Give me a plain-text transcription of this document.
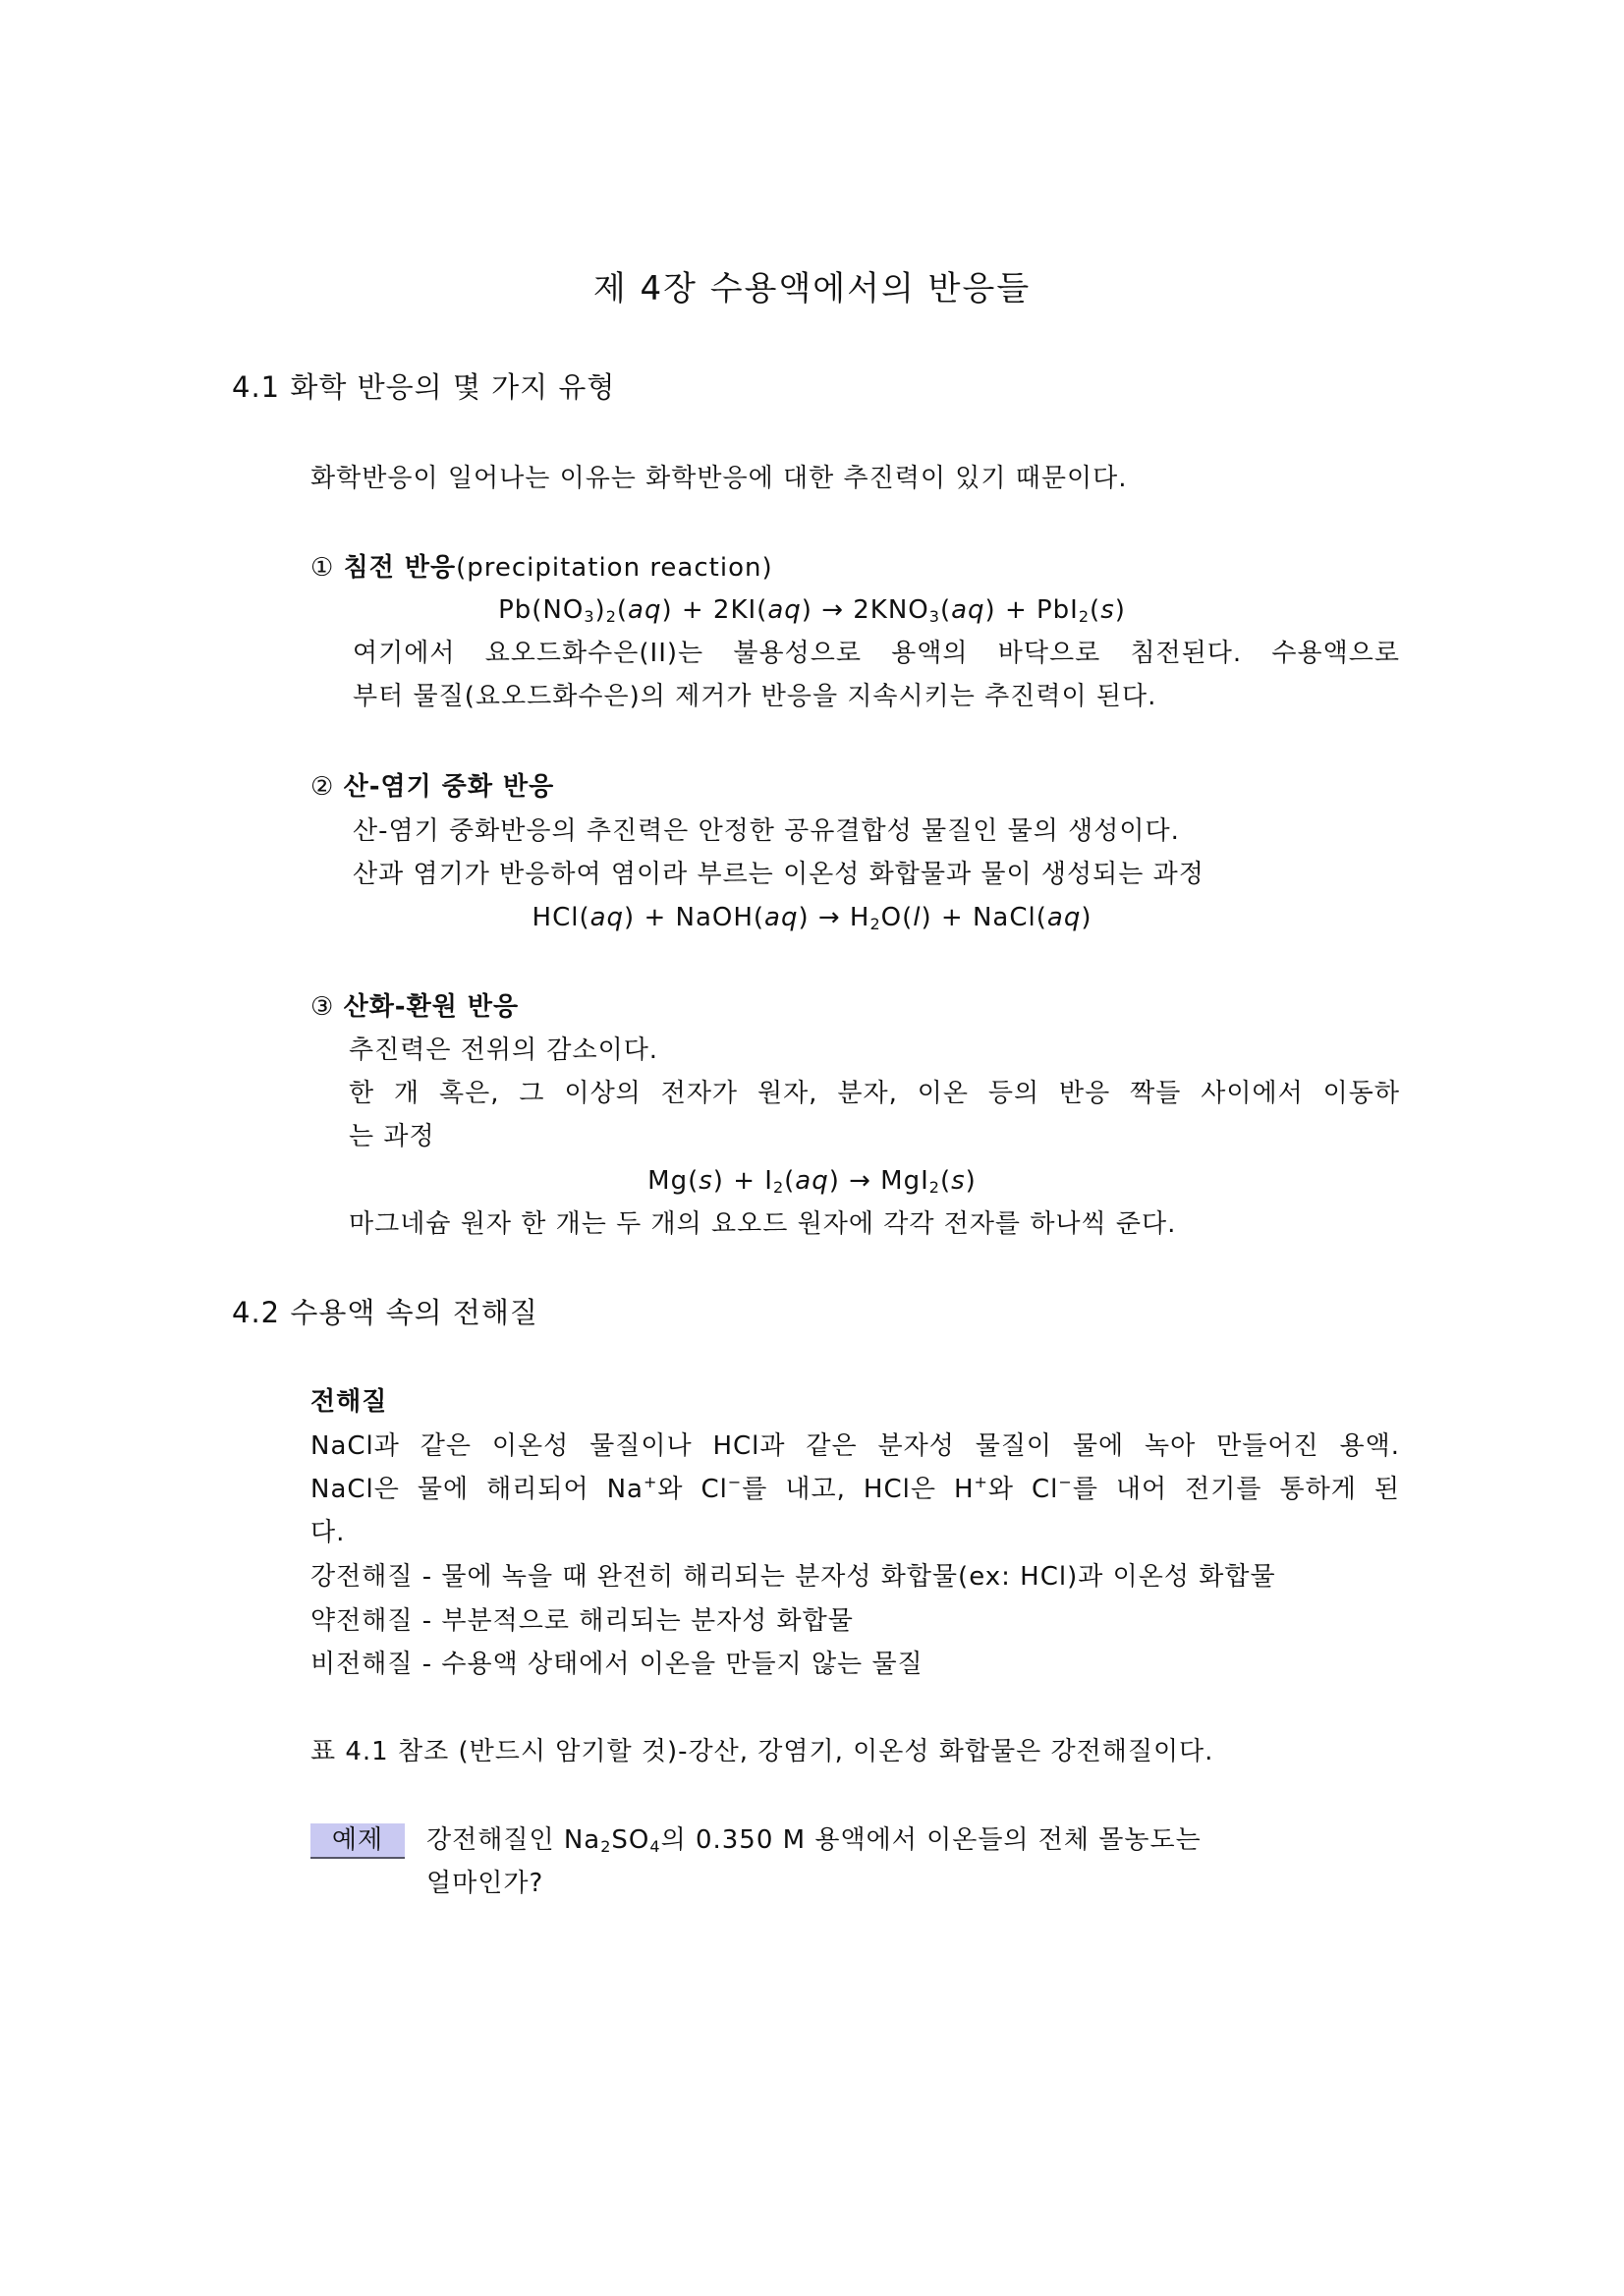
제 4장 수용액에서의 반응들
4.1 화학 반응의 몇 가지 유형
화학반응이 일어나는 이유는 화학반응에 대한 추진력이 있기 때문이다.
① 침전 반응(precipitation reaction)
$Pb(NO_3)_2(aq) + 2KI(aq) \to 2KNO_3(aq) + PbI_2(s)$
여기에서 요오드화수은(II)는 불용성으로 용액의 바닥으로 침전된다. 수용액으로
부터 물질(요오드화수은)의 제거가 반응을 지속시키는 추진력이 된다.
② 산-염기 중화 반응
산-염기 중화반응의 추진력은 안정한 공유결합성 물질인 물의 생성이다.
산과 염기가 반응하여 염이라 부르는 이온성 화합물과 물이 생성되는 과정
HCl(aq) + NaOH(aq) → $H_2O(l)$ + NaCl(aq)
③ 산화-환원 반응
추진력은 전위의 감소이다.
한 개 혹은, 그 이상의 전자가 원자, 분자, 이온 등의 반응 짝들 사이에서 이동하
는 과정
$Mg(s) + I_2(aq) \to MgI_2(s)$
마그네슘 원자 한 개는 두 개의 요오드 원자에 각각 전자를 하나씩 준다.
4.2 수용액 속의 전해질
전해질
NaCl과 같은 이온성 물질이나 HCl과 같은 분자성 물질이 물에 녹아 만들어진 용액.
NaCl은 물에 해리되어 Na+와 Cl−를 내고, HCl은 H+와 Cl−를 내어 전기를 통하게 된
다.
강전해질 - 물에 녹을 때 완전히 해리되는 분자성 화합물(ex: HCl)과 이온성 화합물
약전해질 - 부분적으로 해리되는 분자성 화합물
비전해질 - 수용액 상태에서 이온을 만들지 않는 물질
표 4.1 참조 (반드시 암기할 것)-강산, 강염기, 이온성 화합물은 강전해질이다.
예제 강전해질인 $Na_2SO_4$의 0.350 M 용액에서 이온들의 전체 몰농도는
얼마인가?
